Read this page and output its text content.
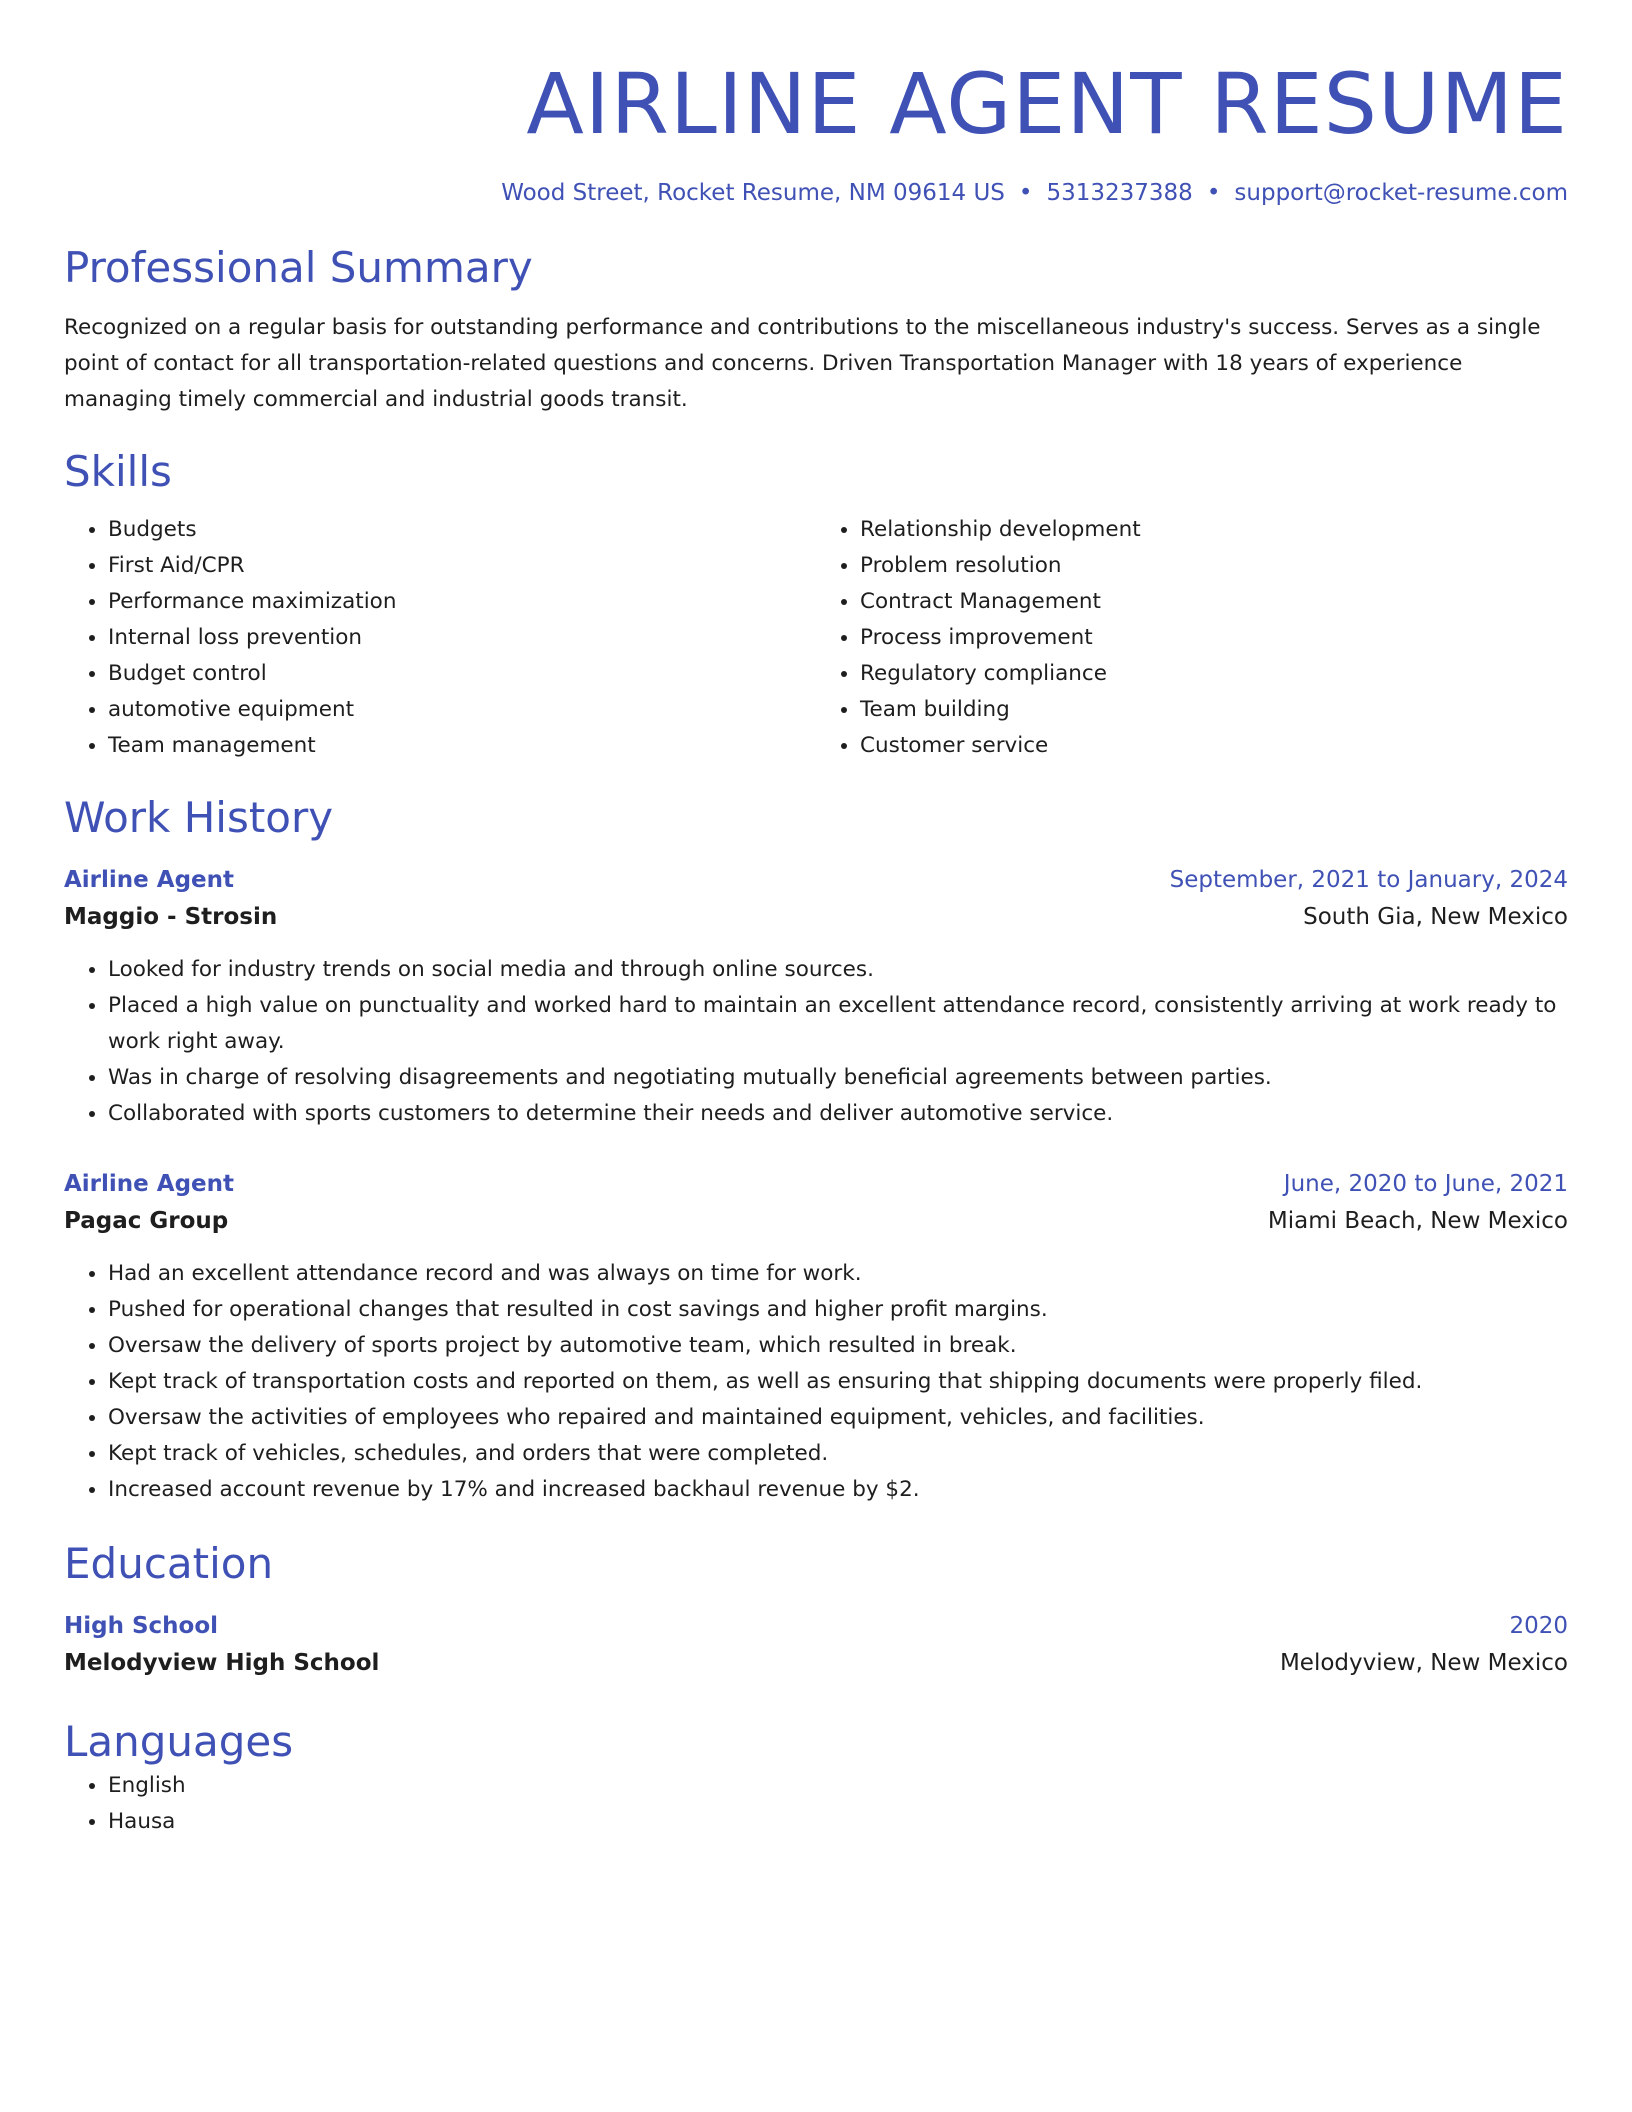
AIRLINE AGENT RESUME
Wood Street, Rocket Resume, NM 09614 US • 5313237388 • support@rocket-resume.com
Professional Summary
Recognized on a regular basis for outstanding performance and contributions to the miscellaneous industry's success. Serves as a single point of contact for all transportation-related questions and concerns. Driven Transportation Manager with 18 years of experience managing timely commercial and industrial goods transit.
Skills
• Budgets
• First Aid/CPR
• Performance maximization
• Internal loss prevention
• Budget control
• automotive equipment
• Team management
• Relationship development
• Problem resolution
• Contract Management
• Process improvement
• Regulatory compliance
• Team building
• Customer service
Work History
Airline Agent	September, 2021 to January, 2024
Maggio - Strosin	South Gia, New Mexico
• Looked for industry trends on social media and through online sources.
• Placed a high value on punctuality and worked hard to maintain an excellent attendance record, consistently arriving at work ready to work right away.
• Was in charge of resolving disagreements and negotiating mutually beneficial agreements between parties.
• Collaborated with sports customers to determine their needs and deliver automotive service.
Airline Agent	June, 2020 to June, 2021
Pagac Group	Miami Beach, New Mexico
• Had an excellent attendance record and was always on time for work.
• Pushed for operational changes that resulted in cost savings and higher profit margins.
• Oversaw the delivery of sports project by automotive team, which resulted in break.
• Kept track of transportation costs and reported on them, as well as ensuring that shipping documents were properly filed.
• Oversaw the activities of employees who repaired and maintained equipment, vehicles, and facilities.
• Kept track of vehicles, schedules, and orders that were completed.
• Increased account revenue by 17% and increased backhaul revenue by $2.
Education
High School	2020
Melodyview High School	Melodyview, New Mexico
Languages
• English
• Hausa
